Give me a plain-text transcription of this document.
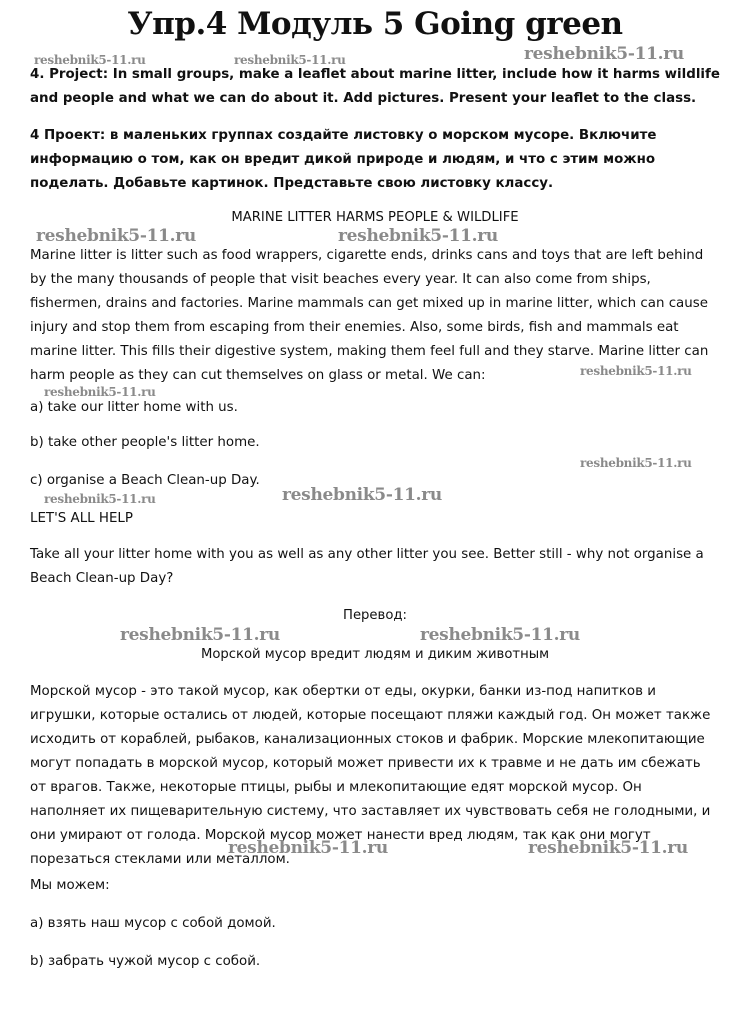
Упр.4 Модуль 5 Going green
4. Project: In small groups, make a leaflet about marine litter, include how it harms wildlife and people and what we can do about it. Add pictures. Present your leaflet to the class.
4 Проект: в маленьких группах создайте листовку о морском мусоре. Включите информацию о том, как он вредит дикой природе и людям, и что с этим можно поделать. Добавьте картинок. Представьте свою листовку классу.
MARINE LITTER HARMS PEOPLE & WILDLIFE
Marine litter is litter such as food wrappers, cigarette ends, drinks cans and toys that are left behind by the many thousands of people that visit beaches every year. It can also come from ships, fishermen, drains and factories. Marine mammals can get mixed up in marine litter, which can cause injury and stop them from escaping from their enemies. Also, some birds, fish and mammals eat marine litter. This fills their digestive system, making them feel full and they starve. Marine litter can harm people as they can cut themselves on glass or metal. We can:
a) take our litter home with us.
b) take other people's litter home.
c) organise a Beach Clean-up Day.
LET'S ALL HELP
Take all your litter home with you as well as any other litter you see. Better still - why not organise a Beach Clean-up Day?
Перевод:
Морской мусор вредит людям и диким животным
Морской мусор - это такой мусор, как обертки от еды, окурки, банки из-под напитков и игрушки, которые остались от людей, которые посещают пляжи каждый год. Он может также исходить от кораблей, рыбаков, канализационных стоков и фабрик. Морские млекопитающие могут попадать в морской мусор, который может привести их к травме и не дать им сбежать от врагов. Также, некоторые птицы, рыбы и млекопитающие едят морской мусор. Он наполняет их пищеварительную систему, что заставляет их чувствовать себя не голодными, и они умирают от голода. Морской мусор может нанести вред людям, так как они могут порезаться стеклами или металлом.
Мы можем:
а) взять наш мусор с собой домой.
b) забрать чужой мусор с собой.
reshebnik5-11.ru	reshebnik5-11.ru	reshebnik5-11.ru
reshebnik5-11.ru	reshebnik5-11.ru
reshebnik5-11.ru
reshebnik5-11.ru
reshebnik5-11.ru
reshebnik5-11.ru	reshebnik5-11.ru
reshebnik5-11.ru	reshebnik5-11.ru
reshebnik5-11.ru	reshebnik5-11.ru
